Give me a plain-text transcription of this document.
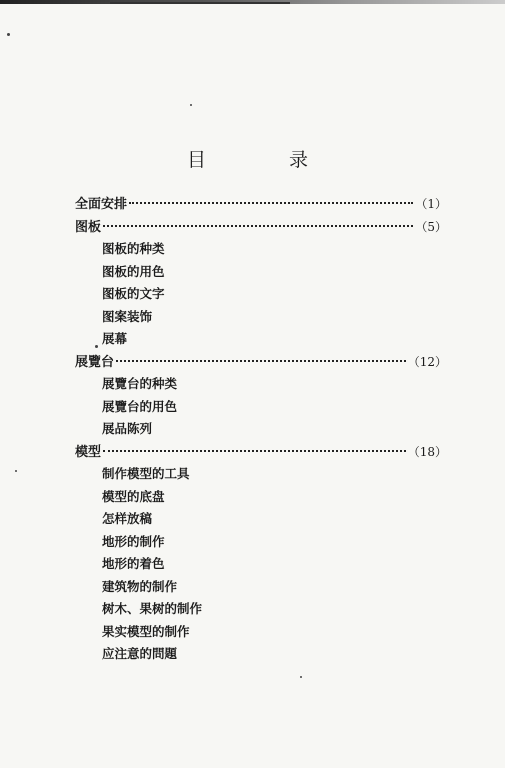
目　录
全面安排	（1）
图板	（5）
图板的种类
图板的用色
图板的文字
图案装饰
展幕
展覽台	（12）
展覽台的种类
展覽台的用色
展品陈列
模型	（18）
制作模型的工具
模型的底盘
怎样放稿
地形的制作
地形的着色
建筑物的制作
树木、果树的制作
果实模型的制作
应注意的問題
